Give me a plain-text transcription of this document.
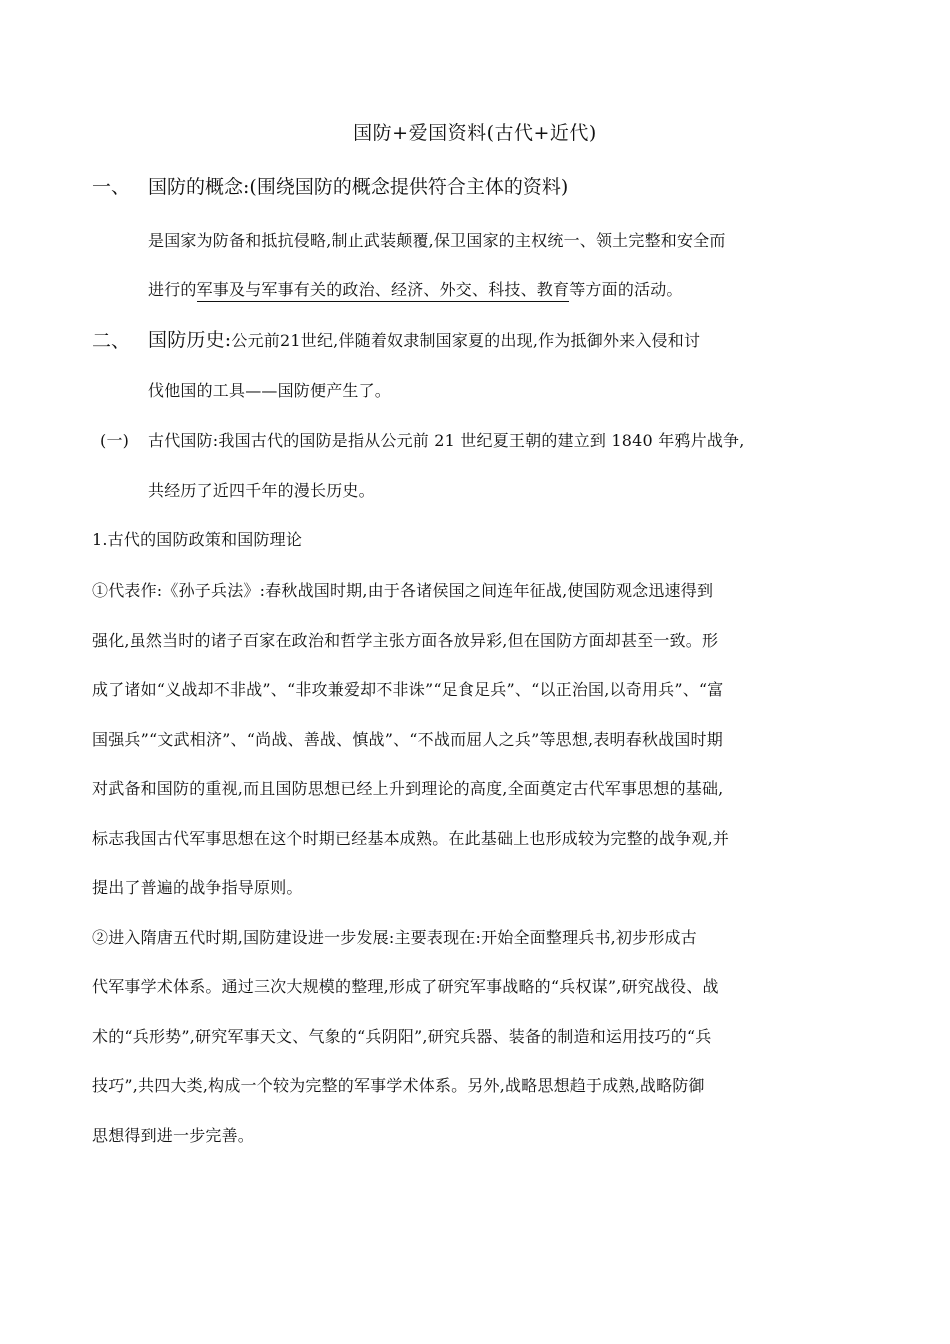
国防+爱国资料(古代+近代)
一、 国防的概念:(围绕国防的概念提供符合主体的资料)
是国家为防备和抵抗侵略,制止武装颠覆,保卫国家的主权统一、领土完整和安全而
进行的军事及与军事有关的政治、经济、外交、科技、教育等方面的活动。
二、 国防历史:公元前21世纪,伴随着奴隶制国家夏的出现,作为抵御外来入侵和讨
伐他国的工具——国防便产生了。
(一) 古代国防:我国古代的国防是指从公元前 21 世纪夏王朝的建立到 1840 年鸦片战争,
共经历了近四千年的漫长历史。
1.古代的国防政策和国防理论
①代表作:《孙子兵法》:春秋战国时期,由于各诸侯国之间连年征战,使国防观念迅速得到
强化,虽然当时的诸子百家在政治和哲学主张方面各放异彩,但在国防方面却甚至一致。形
成了诸如“义战却不非战”、“非攻兼爱却不非诛”“足食足兵”、“以正治国,以奇用兵”、“富
国强兵”“文武相济”、“尚战、善战、慎战”、“不战而屈人之兵”等思想,表明春秋战国时期
对武备和国防的重视,而且国防思想已经上升到理论的高度,全面奠定古代军事思想的基础,
标志我国古代军事思想在这个时期已经基本成熟。在此基础上也形成较为完整的战争观,并
提出了普遍的战争指导原则。
②进入隋唐五代时期,国防建设进一步发展:主要表现在:开始全面整理兵书,初步形成古
代军事学术体系。通过三次大规模的整理,形成了研究军事战略的“兵权谋”,研究战役、战
术的“兵形势”,研究军事天文、气象的“兵阴阳”,研究兵器、装备的制造和运用技巧的“兵
技巧”,共四大类,构成一个较为完整的军事学术体系。另外,战略思想趋于成熟,战略防御
思想得到进一步完善。
